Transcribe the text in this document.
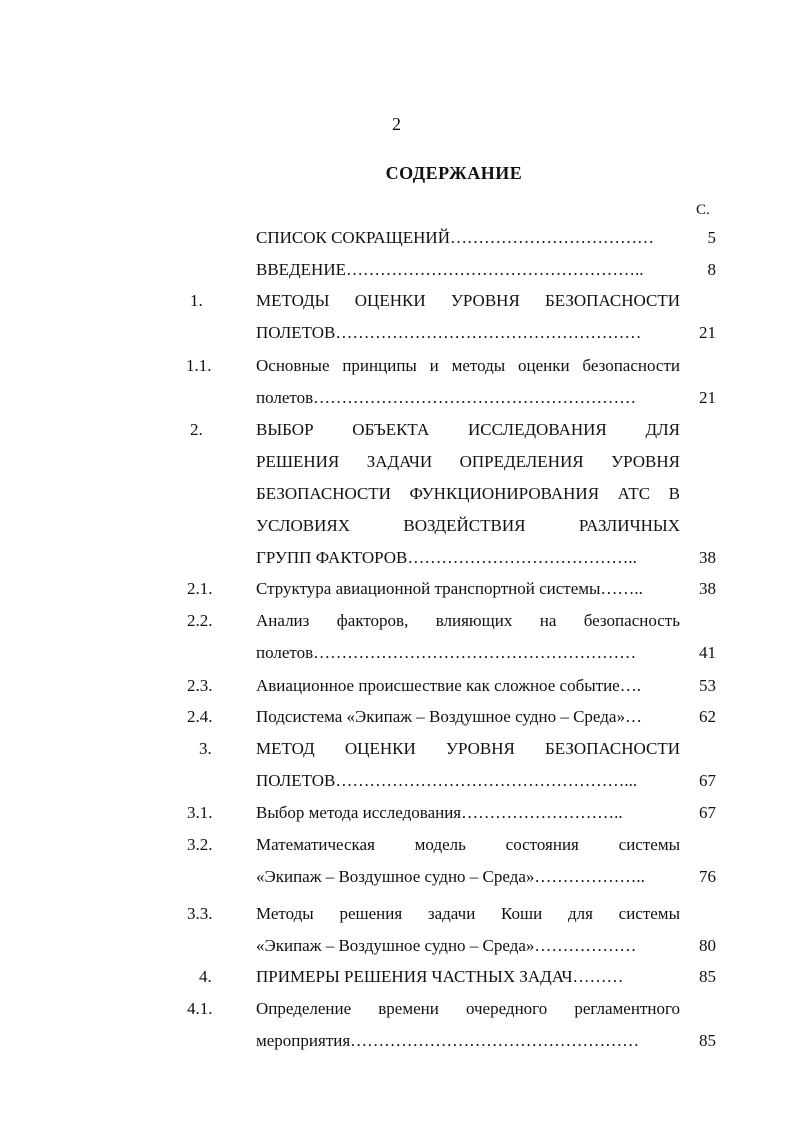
2
СОДЕРЖАНИЕ
С.
СПИСОК СОКРАЩЕНИЙ………………………………	5
ВВЕДЕНИЕ……………………………………………..	8
1.	МЕТОДЫ ОЦЕНКИ УРОВНЯ БЕЗОПАСНОСТИ
ПОЛЕТОВ………………………………………………	21
1.1.	Основные принципы и методы оценки безопасности
полетов…………………………………………………	21
2.	ВЫБОР ОБЪЕКТА ИССЛЕДОВАНИЯ ДЛЯ
РЕШЕНИЯ ЗАДАЧИ ОПРЕДЕЛЕНИЯ УРОВНЯ
БЕЗОПАСНОСТИ ФУНКЦИОНИРОВАНИЯ АТС В
УСЛОВИЯХ ВОЗДЕЙСТВИЯ РАЗЛИЧНЫХ
ГРУПП ФАКТОРОВ…………………………………..	38
2.1.	Структура авиационной транспортной системы……..	38
2.2.	Анализ факторов, влияющих на безопасность
полетов…………………………………………………	41
2.3.	Авиационное происшествие как сложное событие….	53
2.4.	Подсистема «Экипаж – Воздушное судно – Среда»…	62
3.	МЕТОД ОЦЕНКИ УРОВНЯ БЕЗОПАСНОСТИ
ПОЛЕТОВ……………………………………………...	67
3.1.	Выбор метода исследования………………………..	67
3.2.	Математическая модель состояния системы
«Экипаж – Воздушное судно – Среда»………………..	76
3.3.	Методы решения задачи Коши для системы
«Экипаж – Воздушное судно – Среда»………………	80
4.	ПРИМЕРЫ РЕШЕНИЯ ЧАСТНЫХ ЗАДАЧ………	85
4.1.	Определение времени очередного регламентного
мероприятия……………………………………………	85
